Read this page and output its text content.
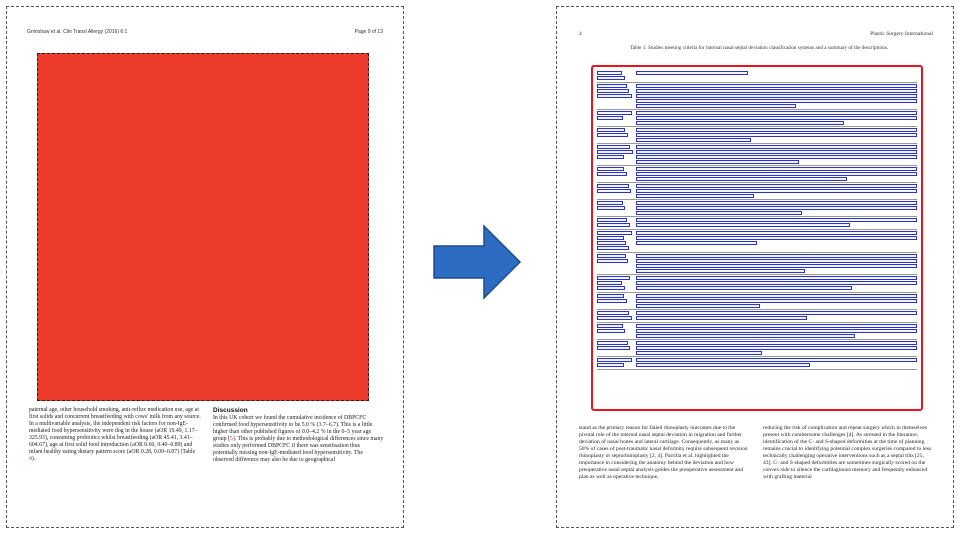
Grimshaw et al. Clin Transl Allergy (2016) 6:1	Page 9 of 13
paternal age, other household smoking, anti-reflux medication use, age at first solids and concurrent breastfeeding with cows' milk from any source. In a multivariable analysis, the independent risk factors for non-IgE-mediated food hypersensitivity were dog in the house (aOR 19.49, 1.17–325.93), consuming probiotics whilst breastfeeding (aOR 45.41, 3.41–604.67), age at first solid food introduction (aOR 0.60, 0.40–0.89) and infant healthy eating dietary pattern score (aOR 0.28, 0.09–0.87) (Table 4).
Discussion
In this UK cohort we found the cumulative incidence of DBPCFC confirmed food hypersensitivity to be 5.0 % (3.7–6.7). This is a little higher than other published figures of 0.0–4.2 % in the 0–5 year age group [5]. This is probably due to methodological differences since many studies only performed DBPCFC if there was sensitisation thus potentially missing non-IgE-mediated food hypersensitivity. The observed difference may also be due to geographical
4	Plastic Surgery International
Table 1: Studies meeting criteria for internal nasal septal deviation classification systems and a summary of the descriptions.
stand as the primary reason for failed rhinoplasty outcomes due to the pivotal role of the internal nasal septal deviation in migration and further deviation of nasal bones and lateral cartilage. Consequently, as many as 50% of cases of post-traumatic nasal deformity require subsequent revision rhinoplasty or septorhinoplasty [2, 4]. Parrilla et al. highlighted the importance in considering the anatomy behind the deviation and how preoperative nasal septal analysis guides the preoperative assessment and plan as well as operative technique,
reducing the risk of complication and repeat surgery which in themselves present with cumbersome challenges [4]. As stressed in the literature, identification of the C- and S-shaped deformities at the time of planning remains crucial to identifying potential complex surgeries compared to less technically challenging operative interventions such as a septal tilts [25, 43]. C- and S-shaped deformities are sometimes surgically scored on the convex side to silence the cartilaginous memory and frequently enhanced with grafting material
